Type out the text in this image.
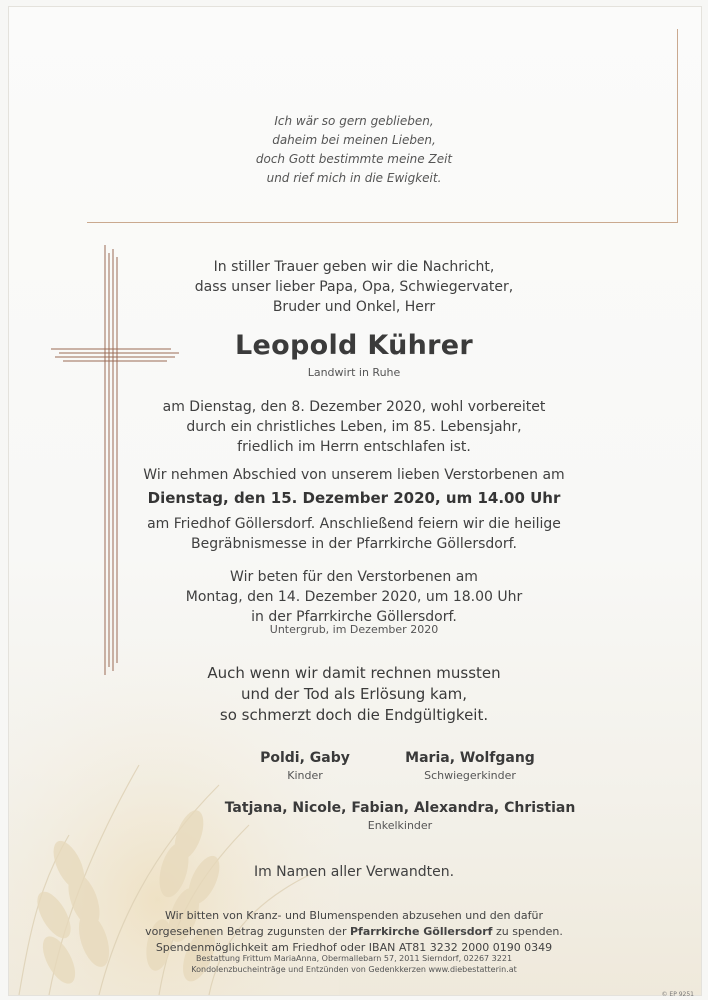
Ich wär so gern geblieben,
daheim bei meinen Lieben,
doch Gott bestimmte meine Zeit
und rief mich in die Ewigkeit.
In stiller Trauer geben wir die Nachricht,
dass unser lieber Papa, Opa, Schwiegervater,
Bruder und Onkel, Herr
Leopold Kührer
Landwirt in Ruhe
am Dienstag, den 8. Dezember 2020, wohl vorbereitet
durch ein christliches Leben, im 85. Lebensjahr,
friedlich im Herrn entschlafen ist.
Wir nehmen Abschied von unserem lieben Verstorbenen am
Dienstag, den 15. Dezember 2020, um 14.00 Uhr
am Friedhof Göllersdorf. Anschließend feiern wir die heilige
Begräbnismesse in der Pfarrkirche Göllersdorf.
Wir beten für den Verstorbenen am
Montag, den 14. Dezember 2020, um 18.00 Uhr
in der Pfarrkirche Göllersdorf.
Untergrub, im Dezember 2020
Auch wenn wir damit rechnen mussten
und der Tod als Erlösung kam,
so schmerzt doch die Endgültigkeit.
Poldi, Gaby
Kinder
Maria, Wolfgang
Schwiegerkinder
Tatjana, Nicole, Fabian, Alexandra, Christian
Enkelkinder
Im Namen aller Verwandten.
Wir bitten von Kranz- und Blumenspenden abzusehen und den dafür
vorgesehenen Betrag zugunsten der Pfarrkirche Göllersdorf zu spenden.
Spendenmöglichkeit am Friedhof oder IBAN AT81 3232 2000 0190 0349
Bestattung Frittum MariaAnna, Obermallebarn 57, 2011 Sierndorf, 02267 3221
Kondolenzbucheinträge und Entzünden von Gedenkkerzen www.diebestatterin.at
© EP 9251
